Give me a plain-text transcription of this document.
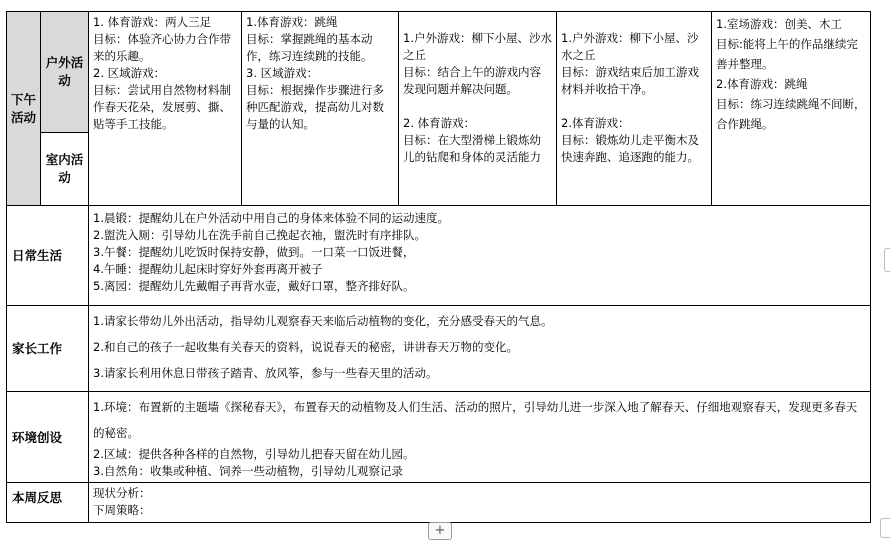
下午活动	户外活动	1. 体育游戏：两人三足
目标：体验齐心协力合作带来的乐趣。
2. 区域游戏：
目标：尝试用自然物材料制作春天花朵，发展剪、撕、贴等手工技能。	1.体育游戏：跳绳
目标：掌握跳绳的基本动作，练习连续跳的技能。
3. 区域游戏：
目标：根据操作步骤进行多种匹配游戏，提高幼儿对数与量的认知。	1.户外游戏：柳下小屋、沙水之丘
目标：结合上午的游戏内容发现问题并解决问题。
2. 体育游戏：
目标：在大型滑梯上锻炼幼儿的钻爬和身体的灵活能力	1.户外游戏：柳下小屋、沙水之丘
目标：游戏结束后加工游戏材料并收拾干净。
2.体育游戏：
目标：锻炼幼儿走平衡木及快速奔跑、追逐跑的能力。	1.室场游戏：创美、木工
目标:能将上午的作品继续完善并整理。
2.体育游戏：跳绳
目标：练习连续跳绳不间断，合作跳绳。

	室内活动					
日常生活		1.晨锻：提醒幼儿在户外活动中用自己的身体来体验不同的运动速度。
2.盥洗入厕：引导幼儿在洗手前自己挽起衣袖，盥洗时有序排队。
3.午餐：提醒幼儿吃饭时保持安静，做到。一口菜一口饭进餐，
4.午睡：提醒幼儿起床时穿好外套再离开被子
5.离园：提醒幼儿先戴帽子再背水壶，戴好口罩，整齐排好队。				

家长工作		1.请家长带幼儿外出活动，指导幼儿观察春天来临后动植物的变化，充分感受春天的气息。
2.和自己的孩子一起收集有关春天的资料，说说春天的秘密，讲讲春天万物的变化。
3.请家长利用休息日带孩子踏青、放风筝，参与一些春天里的活动。				

环境创设		1.环境：布置新的主题墙《探秘春天》，布置春天的动植物及人们生活、活动的照片，引导幼儿进一步深入地了解春天、仔细地观察春天，发现更多春天的秘密。
2.区域：提供各种各样的自然物，引导幼儿把春天留在幼儿园。
3.自然角：收集或种植、饲养一些动植物，引导幼儿观察记录				

本周反思		现状分析：
下周策略：				
+
